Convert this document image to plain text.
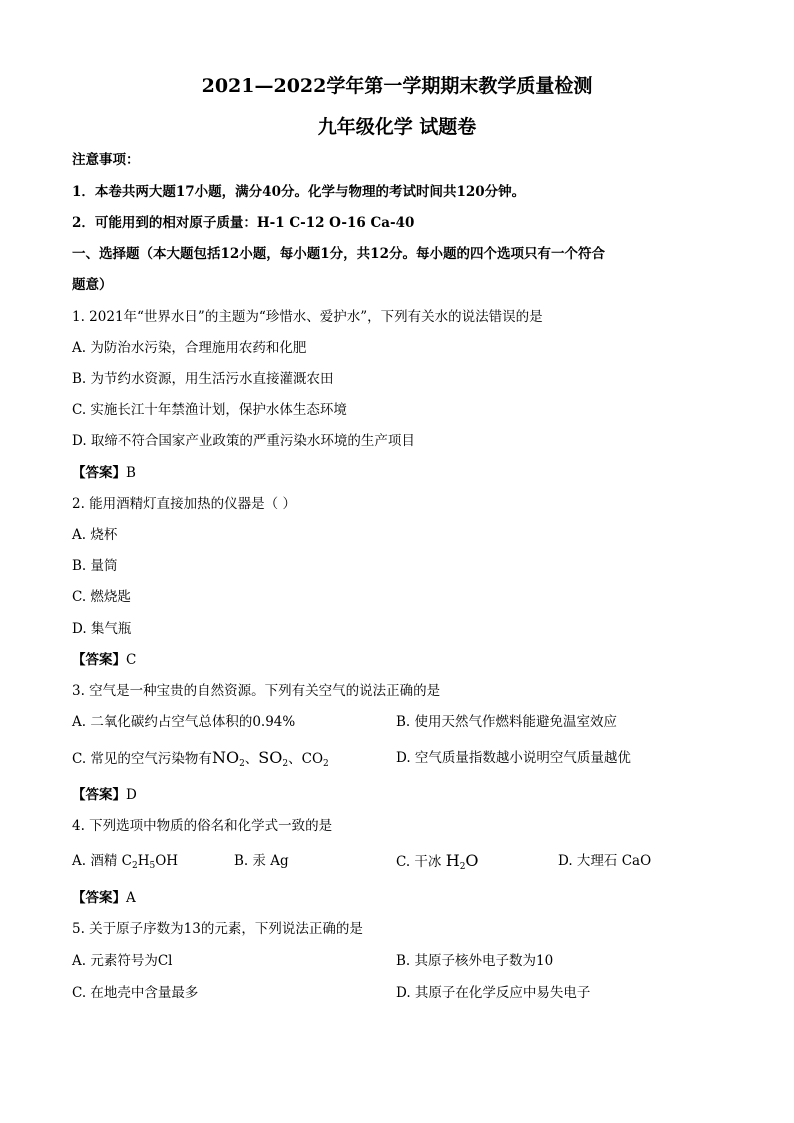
2021—2022学年第一学期期末教学质量检测
九年级化学 试题卷
注意事项：
1．本卷共两大题17小题，满分40分。化学与物理的考试时间共120分钟。
2．可能用到的相对原子质量：H-1 C-12 O-16 Ca-40
一、选择题（本大题包括12小题，每小题1分，共12分。每小题的四个选项只有一个符合
题意）
1. 2021年“世界水日”的主题为“珍惜水、爱护水”，下列有关水的说法错误的是
A. 为防治水污染，合理施用农药和化肥
B. 为节约水资源，用生活污水直接灌溉农田
C. 实施长江十年禁渔计划，保护水体生态环境
D. 取缔不符合国家产业政策的严重污染水环境的生产项目
【答案】B
2. 能用酒精灯直接加热的仪器是（ ）
A. 烧杯
B. 量筒
C. 燃烧匙
D. 集气瓶
【答案】C
3. 空气是一种宝贵的自然资源。下列有关空气的说法正确的是
A. 二氧化碳约占空气总体积的0.94%	B. 使用天然气作燃料能避免温室效应
C. 常见的空气污染物有$NO_2$、$SO_2$、$CO_2$	D. 空气质量指数越小说明空气质量越优
【答案】D
4. 下列选项中物质的俗名和化学式一致的是
A. 酒精 $C_2H_5OH$	B. 汞 Ag	C. 干冰 $H_2O$	D. 大理石 CaO
【答案】A
5. 关于原子序数为13的元素，下列说法正确的是
A. 元素符号为Cl	B. 其原子核外电子数为10
C. 在地壳中含量最多	D. 其原子在化学反应中易失电子
